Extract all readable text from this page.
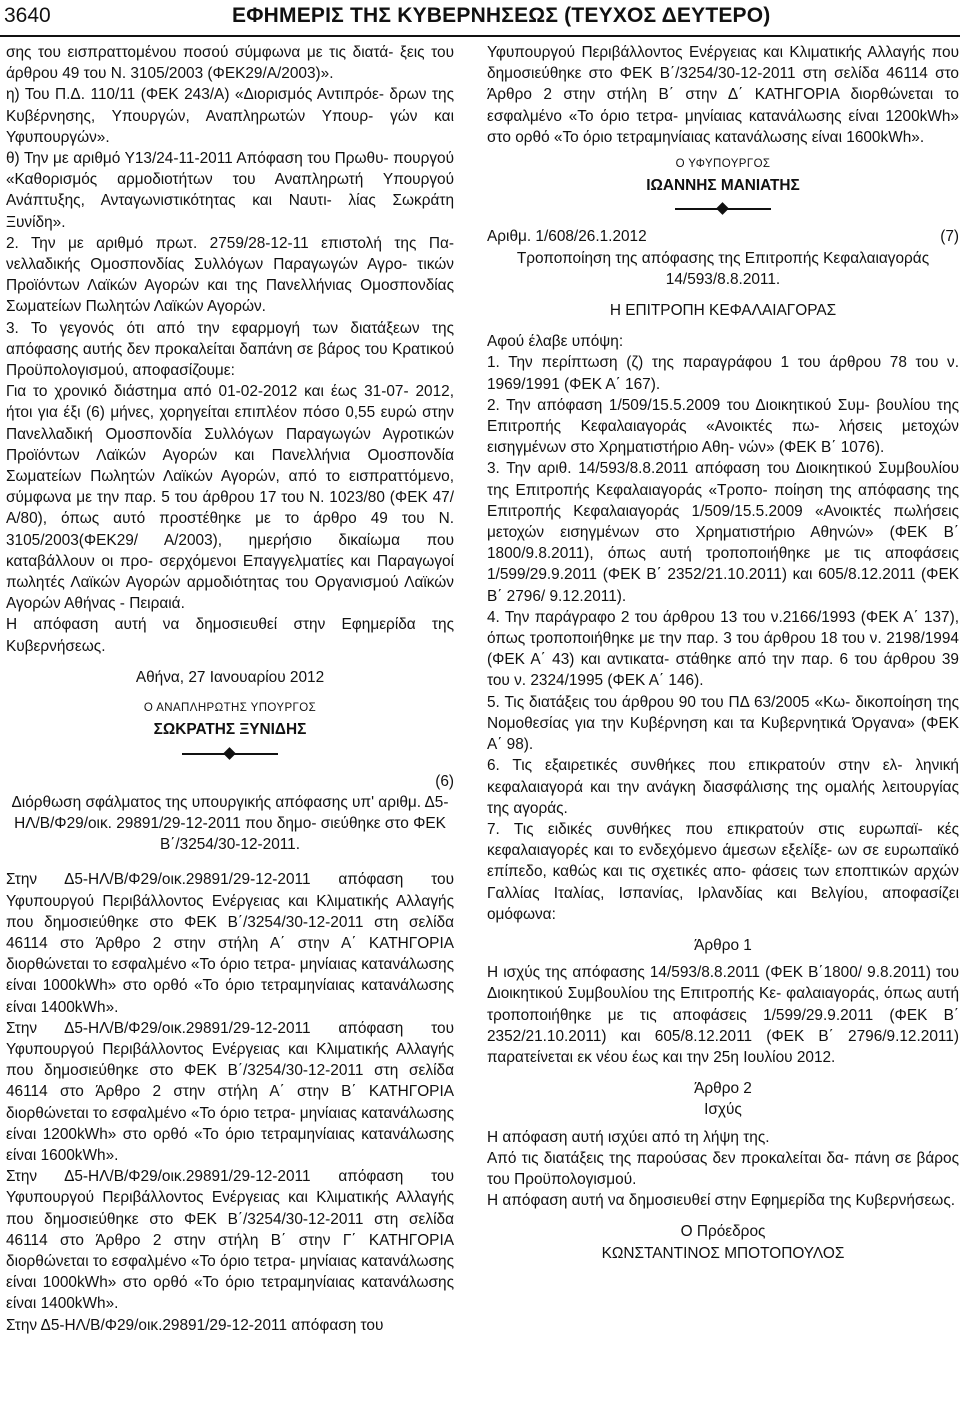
3640	ΕΦΗΜΕΡΙΣ ΤΗΣ ΚΥΒΕΡΝΗΣΕΩΣ (ΤΕΥΧΟΣ ΔΕΥΤΕΡΟ)

σης του εισπραττομένου ποσού σύμφωνα με τις διατά- ξεις του άρθρου 49 του Ν. 3105/2003 (ΦΕΚ29/Α/2003)».

η) Του Π.Δ. 110/11 (ΦΕΚ 243/Α) «Διορισμός Αντιπρόε- δρων της Κυβέρνησης, Υπουργών, Αναπληρωτών Υπουρ- γών και Υφυπουργών».

θ) Την με αριθμό Υ13/24-11-2011 Απόφαση του Πρωθυ- πουργού «Καθορισμός αρμοδιοτήτων του Αναπληρωτή Υπουργού Ανάπτυξης, Ανταγωνιστικότητας και Ναυτι- λίας Σωκράτη Ξυνίδη».

2. Την με αριθμό πρωτ. 2759/28-12-11 επιστολή της Πα- νελλαδικής Ομοσπονδίας Συλλόγων Παραγωγών Αγρο- τικών Προϊόντων Λαϊκών Αγορών και της Πανελλήνιας Ομοσπονδίας Σωματείων Πωλητών Λαϊκών Αγορών.

3. Το γεγονός ότι από την εφαρμογή των διατάξεων της απόφασης αυτής δεν προκαλείται δαπάνη σε βάρος του Κρατικού Προϋπολογισμού, αποφασίζουμε:

Για το χρονικό διάστημα από 01-02-2012 και έως 31-07- 2012, ήτοι για έξι (6) μήνες, χορηγείται επιπλέον πόσο 0,55 ευρώ στην Πανελλαδική Ομοσπονδία Συλλόγων Παραγωγών Αγροτικών Προϊόντων Λαϊκών Αγορών και Πανελλήνια Ομοσπονδία Σωματείων Πωλητών Λαϊκών Αγορών, από το εισπραττόμενο, σύμφωνα με την παρ. 5 του άρθρου 17 του Ν. 1023/80 (ΦΕΚ 47/Α/80), όπως αυτό προστέθηκε με το άρθρο 49 του Ν. 3105/2003(ΦΕΚ29/ Α/2003), ημερήσιο δικαίωμα που καταβάλλουν οι προ- σερχόμενοι Επαγγελματίες και Παραγωγοί πωλητές Λαϊκών Αγορών αρμοδιότητας του Οργανισμού Λαϊκών Αγορών Αθήνας - Πειραιά.

Η απόφαση αυτή να δημοσιευθεί στην Εφημερίδα της Κυβερνήσεως.

Αθήνα, 27 Ιανουαρίου 2012

Ο ΑΝΑΠΛΗΡΩΤΗΣ ΥΠΟΥΡΓΟΣ

ΣΩΚΡΑΤΗΣ ΞΥΝΙΔΗΣ

(6)

Διόρθωση σφάλματος της υπουργικής απόφασης υπ' αριθμ. Δ5-ΗΛ/Β/Φ29/οικ. 29891/29-12-2011 που δημο- σιεύθηκε στο ΦΕΚ Β΄/3254/30-12-2011.

Στην Δ5-ΗΛ/Β/Φ29/οικ.29891/29-12-2011 απόφαση του Υφυπουργού Περιβάλλοντος Ενέργειας και Κλιματικής Αλλαγής που δημοσιεύθηκε στο ΦΕΚ Β΄/3254/30-12-2011 στη σελίδα 46114 στο Άρθρο 2 στην στήλη Α΄ στην Α΄ ΚΑΤΗΓΟΡΙΑ διορθώνεται το εσφαλμένο «Το όριο τετρα- μηνίαιας κατανάλωσης είναι 1000kWh» στο ορθό «Το όριο τετραμηνίαιας κατανάλωσης είναι 1400kWh».

Στην Δ5-ΗΛ/Β/Φ29/οικ.29891/29-12-2011 απόφαση του Υφυπουργού Περιβάλλοντος Ενέργειας και Κλιματικής Αλλαγής που δημοσιεύθηκε στο ΦΕΚ Β΄/3254/30-12-2011 στη σελίδα 46114 στο Άρθρο 2 στην στήλη Α΄ στην Β΄ ΚΑΤΗΓΟΡΙΑ διορθώνεται το εσφαλμένο «Το όριο τετρα- μηνίαιας κατανάλωσης είναι 1200kWh» στο ορθό «Το όριο τετραμηνίαιας κατανάλωσης είναι 1600kWh».

Στην Δ5-ΗΛ/Β/Φ29/οικ.29891/29-12-2011 απόφαση του Υφυπουργού Περιβάλλοντος Ενέργειας και Κλιματικής Αλλαγής που δημοσιεύθηκε στο ΦΕΚ Β΄/3254/30-12-2011 στη σελίδα 46114 στο Άρθρο 2 στην στήλη Β΄ στην Γ΄ ΚΑΤΗΓΟΡΙΑ διορθώνεται το εσφαλμένο «Το όριο τετρα- μηνίαιας κατανάλωσης είναι 1000kWh» στο ορθό «Το όριο τετραμηνίαιας κατανάλωσης είναι 1400kWh».

Στην Δ5-ΗΛ/Β/Φ29/οικ.29891/29-12-2011 απόφαση του

Υφυπουργού Περιβάλλοντος Ενέργειας και Κλιματικής Αλλαγής που δημοσιεύθηκε στο ΦΕΚ Β΄/3254/30-12-2011 στη σελίδα 46114 στο Άρθρο 2 στην στήλη Β΄ στην Δ΄ ΚΑΤΗΓΟΡΙΑ διορθώνεται το εσφαλμένο «Το όριο τετρα- μηνίαιας κατανάλωσης είναι 1200kWh» στο ορθό «Το όριο τετραμηνίαιας κατανάλωσης είναι 1600kWh».

Ο ΥΦΥΠΟΥΡΓΟΣ

ΙΩΑΝΝΗΣ ΜΑΝΙΑΤΗΣ

Αριθμ. 1/608/26.1.2012	(7)

Τροποποίηση της απόφασης της Επιτροπής Κεφαλαιαγοράς 14/593/8.8.2011.

Η ΕΠΙΤΡΟΠΗ ΚΕΦΑΛΑΙΑΓΟΡΑΣ

Αφού έλαβε υπόψη:

1. Την περίπτωση (ζ) της παραγράφου 1 του άρθρου 78 του ν. 1969/1991 (ΦΕΚ Α΄ 167).

2. Την απόφαση 1/509/15.5.2009 του Διοικητικού Συμ- βουλίου της Επιτροπής Κεφαλαιαγοράς «Ανοικτές πω- λήσεις μετοχών εισηγμένων στο Χρηματιστήριο Αθη- νών» (ΦΕΚ Β΄ 1076).

3. Την αριθ. 14/593/8.8.2011 απόφαση του Διοικητικού Συμβουλίου της Επιτροπής Κεφαλαιαγοράς «Τροπο- ποίηση της απόφασης της Επιτροπής Κεφαλαιαγοράς 1/509/15.5.2009 «Ανοικτές πωλήσεις μετοχών εισηγμένων στο Χρηματιστήριο Αθηνών» (ΦΕΚ Β΄ 1800/9.8.2011), όπως αυτή τροποποιήθηκε με τις αποφάσεις 1/599/29.9.2011 (ΦΕΚ Β΄ 2352/21.10.2011) και 605/8.12.2011 (ΦΕΚ Β΄ 2796/ 9.12.2011).

4. Την παράγραφο 2 του άρθρου 13 του ν.2166/1993 (ΦΕΚ Α΄ 137), όπως τροποποιήθηκε με την παρ. 3 του άρθρου 18 του ν. 2198/1994 (ΦΕΚ Α΄ 43) και αντικατα- στάθηκε από την παρ. 6 του άρθρου 39 του ν. 2324/1995 (ΦΕΚ Α΄ 146).

5. Τις διατάξεις του άρθρου 90 του ΠΔ 63/2005 «Κω- δικοποίηση της Νομοθεσίας για την Κυβέρνηση και τα Κυβερνητικά Όργανα» (ΦΕΚ Α΄ 98).

6. Τις εξαιρετικές συνθήκες που επικρατούν στην ελ- ληνική κεφαλαιαγορά και την ανάγκη διασφάλισης της ομαλής λειτουργίας της αγοράς.

7. Τις ειδικές συνθήκες που επικρατούν στις ευρωπαϊ- κές κεφαλαιαγορές και το ενδεχόμενο άμεσων εξελίξε- ων σε ευρωπαϊκό επίπεδο, καθώς και τις σχετικές απο- φάσεις των εποπτικών αρχών Γαλλίας Ιταλίας, Ισπανίας, Ιρλανδίας και Βελγίου, αποφασίζει ομόφωνα:

Άρθρο 1

Η ισχύς της απόφασης 14/593/8.8.2011 (ΦΕΚ Β΄1800/ 9.8.2011) του Διοικητικού Συμβουλίου της Επιτροπής Κε- φαλαιαγοράς, όπως αυτή τροποποιήθηκε με τις αποφάσεις 1/599/29.9.2011 (ΦΕΚ Β΄ 2352/21.10.2011) και 605/8.12.2011 (ΦΕΚ Β΄ 2796/9.12.2011) παρατείνεται εκ νέου έως και την 25η Ιουλίου 2012.

Άρθρο 2

Ισχύς

Η απόφαση αυτή ισχύει από τη λήψη της.

Από τις διατάξεις της παρούσας δεν προκαλείται δα- πάνη σε βάρος του Προϋπολογισμού.

Η απόφαση αυτή να δημοσιευθεί στην Εφημερίδα της Κυβερνήσεως.

Ο Πρόεδρος

ΚΩΝΣΤΑΝΤΙΝΟΣ ΜΠΟΤΟΠΟΥΛΟΣ
